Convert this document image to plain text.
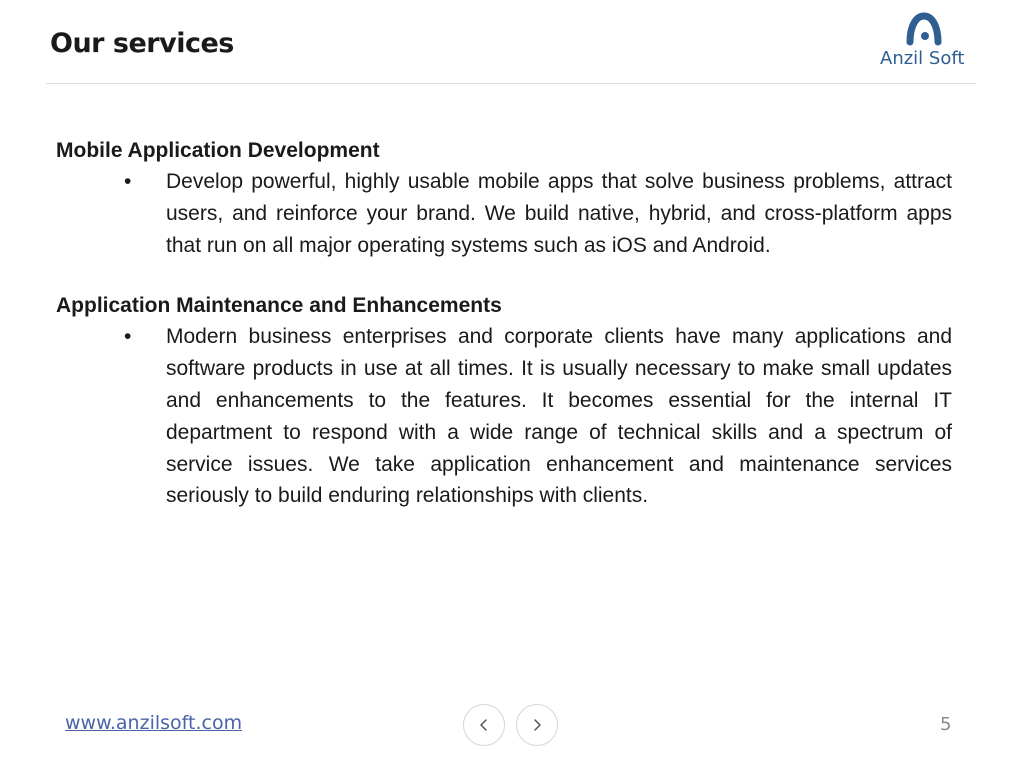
Our services	Anzil Soft
Mobile Application Development
• Develop powerful, highly usable mobile apps that solve business problems, attract users, and reinforce your brand. We build native, hybrid, and cross-platform apps that run on all major operating systems such as iOS and Android.
Application Maintenance and Enhancements
• Modern business enterprises and corporate clients have many applications and software products in use at all times. It is usually necessary to make small updates and enhancements to the features. It becomes essential for the internal IT department to respond with a wide range of technical skills and a spectrum of service issues. We take application enhancement and maintenance services seriously to build enduring relationships with clients.
www.anzilsoft.com	5
